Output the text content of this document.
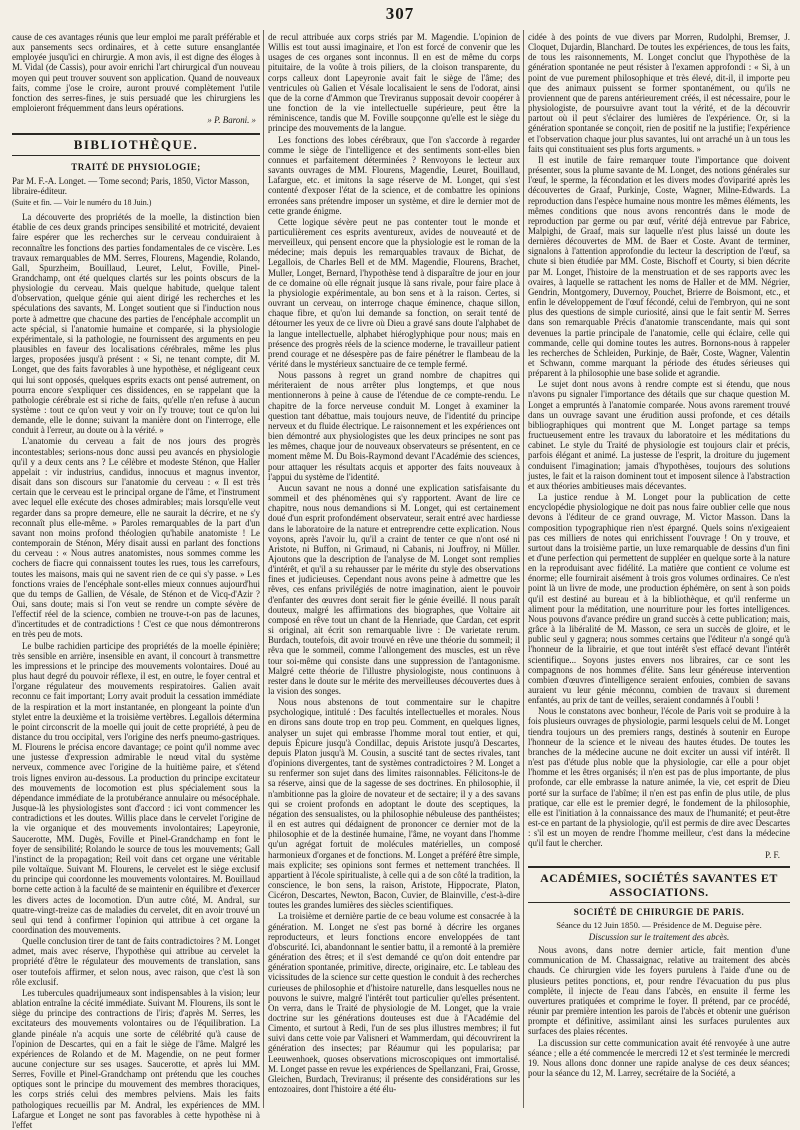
307

cause de ces avantages réunis que leur emploi me paraît préférable et aux pansements secs ordinaires, et à cette suture ensanglantée employée jusqu'ici en chirurgie. A mon avis, il est digne des éloges à M. Vidal (de Cassis), pour avoir enrichi l'art chirurgical d'un nouveau moyen qui peut trouver souvent son application. Quand de nouveaux faits, comme j'ose le croire, auront prouvé complètement l'utile fonction des serres-fines, je suis persuadé que les chirurgiens les emploieront fréquemment dans leurs opérations.

» P. Baroni. »

BIBLIOTHÈQUE.
TRAITÉ DE PHYSIOLOGIE;

Par M. F.-A. Longet. — Tome second; Paris, 1850, Victor Masson, libraire-éditeur.

(Suite et fin. — Voir le numéro du 18 Juin.)

La découverte des propriétés de la moelle, la distinction bien établie de ces deux grands principes sensibilité et motricité, devaient faire espérer que les recherches sur le cerveau conduiraient à reconnaître les fonctions des parties fondamentales de ce viscère. Les travaux remarquables de MM. Serres, Flourens, Magendie, Rolando, Gall, Spurzheim, Bouillaud, Leuret, Lelut, Foville, Pinel-Grandchamp, ont été quelques clartés sur les points obscurs de la physiologie du cerveau. Mais quelque habitude, quelque talent d'observation, quelque génie qui aient dirigé les recherches et les spéculations des savants, M. Longet soutient que si l'induction nous porte à admettre que chacune des parties de l'encéphale accomplit un acte spécial, si l'anatomie humaine et comparée, si la physiologie expérimentale, si la pathologie, ne fournissent des arguments en peu plausibles en faveur des localisations cérébrales, même les plus larges, proposées jusqu'à présent : « Si, ne tenant compte, dit M. Longet, que des faits favorables à une hypothèse, et négligeant ceux qui lui sont opposés, quelques esprits exacts ont pensé autrement, on pourra encore s'expliquer ces dissidences, en se rappelant que la pathologie cérébrale est si riche de faits, qu'elle n'en refuse à aucun système : tout ce qu'on veut y voir on l'y trouve; tout ce qu'on lui demande, elle le donne; suivant la manière dont on l'interroge, elle conduit à l'erreur, au doute ou à la vérité. »

L'anatomie du cerveau a fait de nos jours des progrès incontestables; serions-nous donc aussi peu avancés en physiologie qu'il y a deux cents ans ? Le célèbre et modeste Sténon, que Haller appelait : vir industrius, candidus, innocuus et magnus inventor, disait dans son discours sur l'anatomie du cerveau : « Il est très certain que le cerveau est le principal organe de l'âme, et l'instrument avec lequel elle exécute des choses admirables; mais lorsqu'elle veut regarder dans sa propre demeure, elle ne saurait la décrire, et ne s'y reconnaît plus elle-même. » Paroles remarquables de la part d'un savant non moins profond théologien qu'habile anatomiste ! Le contemporain de Sténon, Méry disait aussi en parlant des fonctions du cerveau : « Nous autres anatomistes, nous sommes comme les cochers de fiacre qui connaissent toutes les rues, tous les carrefours, toutes les maisons, mais qui ne savent rien de ce qui s'y passe. » Les fonctions vraies de l'encéphale sont-elles mieux connues aujourd'hui que du temps de Gallien, de Vésale, de Sténon et de Vicq-d'Azir ? Oui, sans doute; mais si l'on veut se rendre un compte sévère de l'effectif réel de la science, combien ne trouve-t-on pas de lacunes, d'incertitudes et de contradictions ! C'est ce que nous démontrerons en très peu de mots.

Le bulbe rachidien participe des propriétés de la moelle épinière; très sensible en arrière, insensible en avant, il concourt à transmettre les impressions et le principe des mouvements volontaires. Doué au plus haut degré du pouvoir réflexe, il est, en outre, le foyer central et l'organe régulateur des mouvements respiratoires. Galien avait reconnu ce fait important; Lorry avait produit la cessation immédiate de la respiration et la mort instantanée, en plongeant la pointe d'un stylet entre la deuxième et la troisième vertèbres. Legallois détermina le point circonscrit de la moelle qui jouit de cette propriété, à peu de distance du trou occipital, vers l'origine des nerfs pneumo-gastriques. M. Flourens le précisa encore davantage; ce point qu'il nomme avec une justesse d'expression admirable le nœud vital du système nerveux, commence avec l'origine de la huitième paire, et s'étend trois lignes environ au-dessous. La production du principe excitateur des mouvements de locomotion est plus spécialement sous la dépendance immédiate de la protubérance annulaire ou mésocéphale. Jusque-là les physiologistes sont d'accord : ici vont commencer les contradictions et les doutes. Willis place dans le cervelet l'origine de la vie organique et des mouvements involontaires; Lapeyronie, Saucerotte, MM. Dugès, Foville et Pinel-Grandchamp en font le foyer de sensibilité; Rolando le source de tous les mouvements; Gall l'instinct de la propagation; Reil voit dans cet organe une véritable pile voltaïque. Suivant M. Flourens, le cervelet est le siège exclusif du principe qui coordonne les mouvements volontaires. M. Bouillaud borne cette action à la faculté de se maintenir en équilibre et d'exercer les divers actes de locomotion. D'un autre côté, M. Andral, sur quatre-vingt-treize cas de maladies du cervelet, dit en avoir trouvé un seul qui tend à confirmer l'opinion qui attribue à cet organe la coordination des mouvements.

Quelle conclusion tirer de tant de faits contradictoires ? M. Longet admet, mais avec réserve, l'hypothèse qui attribue au cervelet la propriété d'être le régulateur des mouvements de translation, sans oser toutefois affirmer, et selon nous, avec raison, que c'est là son rôle exclusif.

Les tubercules quadrijumeaux sont indispensables à la vision; leur ablation entraîne la cécité immédiate. Suivant M. Flourens, ils sont le siège du principe des contractions de l'iris; d'après M. Serres, les excitateurs des mouvements volontaires ou de l'équilibration. La glande pinéale n'a acquis une sorte de célébrité qu'à cause de l'opinion de Descartes, qui en a fait le siège de l'âme. Malgré les expériences de Rolando et de M. Magendie, on ne peut former aucune conjecture sur ses usages. Saucerotte, et après lui MM. Serres, Foville et Pinel-Grandchamp ont prétendu que les couches optiques sont le principe du mouvement des membres thoraciques, les corps striés celui des membres pelviens. Mais les faits pathologiques recueillis par M. Andral, les expériences de MM. Lafargue et Longet ne sont pas favorables à cette hypothèse ni à l'effet

de recul attribuée aux corps striés par M. Magendie. L'opinion de Willis est tout aussi imaginaire, et l'on est forcé de convenir que les usages de ces organes sont inconnus. Il en est de même du corps pituitaire, de la voûte à trois piliers, de la cloison transparente, du corps calleux dont Lapeyronie avait fait le siège de l'âme; des ventricules où Galien et Vésale localisaient le sens de l'odorat, ainsi que de la corne d'Ammon que Treviranus supposait devoir coopérer à une fonction de la vie intellectuelle supérieure, peut être la réminiscence, tandis que M. Foville soupçonne qu'elle est le siège du principe des mouvements de la langue.

Les fonctions des lobes cérébraux, que l'on s'accorde à regarder comme le siège de l'intelligence et des sentiments sont-elles bien connues et parfaitement déterminées ? Renvoyons le lecteur aux savants ouvrages de MM. Flourens, Magendie, Leuret, Bouillaud, Lafargue, etc. et imitons la sage réserve de M. Longet, qui s'est contenté d'exposer l'état de la science, et de combattre les opinions erronées sans prétendre imposer un système, et dire le dernier mot de cette grande énigme.

Cette logique sévère peut ne pas contenter tout le monde et particulièrement ces esprits aventureux, avides de nouveauté et de merveilleux, qui pensent encore que la physiologie est le roman de la médecine; mais depuis les remarquables travaux de Bichat, de Legallois, de Charles Bell et de MM. Magendie, Flourens, Brachet, Muller, Longet, Bernard, l'hypothèse tend à disparaître de jour en jour de ce domaine où elle régnait jusque là sans rivale, pour faire place à la physiologie expérimentale, au bon sens et à la raison. Certes, si ouvrant un cerveau, on interroge chaque éminence, chaque sillon, chaque fibre, et qu'on lui demande sa fonction, on serait tenté de détourner les yeux de ce livre où Dieu a gravé sans doute l'alphabet de la langue intellectuelle, alphabet hiéroglyphique pour nous; mais en présence des progrès réels de la science moderne, le travailleur patient prend courage et ne désespère pas de faire pénétrer le flambeau de la vérité dans le mystérieux sanctuaire de ce temple fermé.

Nous passons à regret un grand nombre de chapitres qui mériteraient de nous arrêter plus longtemps, et que nous mentionnerons à peine à cause de l'étendue de ce compte-rendu. Le chapitre de la force nerveuse conduit M. Longet à examiner la question tant débattue, mais toujours neuve, de l'identité du principe nerveux et du fluide électrique. Le raisonnement et les expériences ont bien démontré aux physiologistes que les deux principes ne sont pas les mêmes, chaque jour de nouveaux observateurs se présentent, en ce moment même M. Du Bois-Raymond devant l'Académie des sciences, pour attaquer les résultats acquis et apporter des faits nouveaux à l'appui du système de l'identité.

Aucun savant ne nous a donné une explication satisfaisante du sommeil et des phénomènes qui s'y rapportent. Avant de lire ce chapitre, nous nous demandions si M. Longet, qui est certainement doué d'un esprit profondément observateur, serait entré avec hardiesse dans le laboratoire de la nature et entreprendre cette explication. Nous voyons, après l'avoir lu, qu'il a craint de tenter ce que n'ont osé ni Aristote, ni Buffon, ni Grimaud, ni Cabanis, ni Jouffroy, ni Müller. Ajoutons que la description de l'analyse de M. Longet sont remplies d'intérêt, et qu'il a su rehausser par le mérite du style des observations fines et judicieuses. Cependant nous avons peine à admettre que les rêves, ces enfans privilégiés de notre imagination, aient le pouvoir d'enfanter des œuvres dont serait fier le génie éveillé. Il nous paraît douteux, malgré les affirmations des biographes, que Voltaire ait composé en rêve tout un chant de la Henriade, que Cardan, cet esprit si original, ait écrit son remarquable livre : De varietate rerum. Burdach, toutefois, dit avoir trouvé en rêve une théorie du sommeil; il rêva que le sommeil, comme l'allongement des muscles, est un rêve tour soi-même qui consiste dans une suppression de l'antagonisme. Malgré cette théorie de l'illustre physiologiste, nous continuons à rester dans le doute sur le mérite des merveilleuses découvertes dues à la vision des songes.

Nous nous abstenons de tout commentaire sur le chapitre psychologique, intitulé : Des facultés intellectuelles et morales. Nous en dirons sans doute trop en trop peu. Comment, en quelques lignes, analyser un sujet qui embrasse l'homme moral tout entier, et qui, depuis Épicure jusqu'à Condillac, depuis Aristote jusqu'à Descartes, depuis Platon jusqu'à M. Cousin, a suscité tant de sectes rivales, tant d'opinions divergentes, tant de systèmes contradictoires ? M. Longet a su renfermer son sujet dans des limites raisonnables. Félicitons-le de sa réserve, ainsi que de la sagesse de ses doctrines. En philosophie, il n'ambitionne pas la gloire de novateur et de sectaire; il y a des savans qui se croient profonds en adoptant le doute des sceptiques, la négation des sensualistes, ou la philosophie nébuleuse des panthéistes; il en est autres qui dédaignent de prononcer ce dernier mot de la philosophie et de la destinée humaine, l'âme, ne voyant dans l'homme qu'un agrégat fortuit de molécules matérielles, un composé harmonieux d'organes et de fonctions. M. Longet a préféré être simple, mais explicite; ses opinions sont fermes et nettement tranchées. Il appartient à l'école spiritualiste, à celle qui a de son côté la tradition, la conscience, le bon sens, la raison, Aristote, Hippocrate, Platon, Cicéron, Descartes, Newton, Bacon, Cuvier, de Blainville, c'est-à-dire toutes les grandes lumières des siècles scientifiques.

La troisième et dernière partie de ce beau volume est consacrée à la génération. M. Longet ne s'est pas borné à décrire les organes reproducteurs, et leurs fonctions encore enveloppées de tant d'obscurité. Ici, abandonnant le sentier battu, il a remonté à la première génération des êtres; et il s'est demandé ce qu'on doit entendre par génération spontanée, primitive, directe, originaire, etc. Le tableau des vicissitudes de la science sur cette question le conduit à des recherches curieuses de philosophie et d'histoire naturelle, dans lesquelles nous ne pouvons le suivre, malgré l'intérêt tout particulier qu'elles présentent. On verra, dans le Traité de physiologie de M. Longet, que la vraie doctrine sur les générations douteuses est due à l'Académie del Cimento, et surtout à Redi, l'un de ses plus illustres membres; il fut suivi dans cette voie par Valisneri et Wammerdam, qui découvrirent la génération des insectes; par Réaumur qui les popularisa; par Leeuwenhoek, quoses observations microscopiques ont immortalisé. M. Longet passe en revue les expériences de Spellanzani, Frai, Grosse, Gleichen, Burdach, Treviranus; il présente des considérations sur les entozoaires, dont l'histoire a été élu-

cidée à des points de vue divers par Morren, Rudolphi, Bremser, J. Cloquet, Dujardin, Blanchard. De toutes les expériences, de tous les faits, de tous les raisonnements, M. Longet conclut que l'hypothèse de la génération spontanée ne peut résister à l'examen approfondi : « Si, à un point de vue purement philosophique et très élevé, dit-il, il importe peu que des animaux puissent se former spontanément, ou qu'ils ne proviennent que de parens antérieurement créés, il est nécessaire, pour le physiologiste, de poursuivre avant tout la vérité, et de la découvrir partout où il peut s'éclairer des lumières de l'expérience. Or, si la génération spontanée se conçoit, rien de positif ne la justifie; l'expérience et l'observation chaque jour plus savantes, lui ont arraché un à un tous les faits qui constituaient ses plus forts arguments. »

Il est inutile de faire remarquer toute l'importance que doivent présenter, sous la plume savante de M. Longet, des notions générales sur l'œuf, le sperme, la fécondation et les divers modes d'oviparité après les découvertes de Graaf, Purkinje, Coste, Wagner, Milne-Edwards. La reproduction dans l'espèce humaine nous montre les mêmes éléments, les mêmes conditions que nous avons rencontrés dans le mode de reproduction par germe ou par œuf, vérité déjà entrevue par Fabrice, Malpighi, de Graaf, mais sur laquelle n'est plus laissé un doute les dernières découvertes de MM. de Baer et Coste. Avant de terminer, signalons à l'attention approfondie du lecteur la description de l'œuf, sa chute si bien étudiée par MM. Coste, Bischoff et Courty, si bien décrite par M. Longet, l'histoire de la menstruation et de ses rapports avec les ovaires, à laquelle se rattachent les noms de Haller et de MM. Négrier, Gendrin, Montgomery, Duvernoy, Pouchet, Brierre de Boismont, etc., et enfin le développement de l'œuf fécondé, celui de l'embryon, qui ne sont plus des questions de simple curiosité, ainsi que le fait sentir M. Serres dans son remarquable Précis d'anatomie transcendante, mais qui sont devenues la partie principale de l'anatomie, celle qui éclaire, celle qui commande, celle qui domine toutes les autres. Bornons-nous à rappeler les recherches de Schleiden, Purkinje, de Baër, Coste, Wagner, Valentin et Schwann, comme marquant la période des études sérieuses qui préparent à la philosophie une base solide et agrandie.

Le sujet dont nous avons à rendre compte est si étendu, que nous n'avons pu signaler l'importance des détails que sur chaque question M. Longet a empruntés à l'anatomie comparée. Nous avons rarement trouvé dans un ouvrage savant une érudition aussi profonde, et ces détails bibliographiques qui montrent que M. Longet partage sa temps fructueusement entre les travaux du laboratoire et les méditations du cabinet. Le style du Traité de physiologie est toujours clair et précis, parfois élégant et animé. La justesse de l'esprit, la droiture du jugement conduisent l'imagination; jamais d'hypothèses, toujours des solutions justes, le fait et la raison dominent tout et imposent silence à l'abstraction et aux théories ambitieuses mais décevantes.

La justice rendue à M. Longet pour la publication de cette encyclopédie physiologique ne doit pas nous faire oublier celle que nous devons à l'éditeur de ce grand ouvrage, M. Victor Masson. Dans la composition typographique rien n'est épargné. Quels soins n'exigeaient pas ces milliers de notes qui enrichissent l'ouvrage ! On y trouve, et surtout dans la troisième partie, un luxe remarquable de dessins d'un fini et d'une perfection qui permettent de suppléer en quelque sorte à la nature en la reproduisant avec fidélité. La matière que contient ce volume est énorme; elle fournirait aisément à trois gros volumes ordinaires. Ce n'est point là un livre de mode, une production éphémère, on sent à son poids qu'il est destiné au bureau et à la bibliothèque, et qu'il renferme un aliment pour la méditation, une nourriture pour les fortes intelligences. Nous pouvons d'avance prédire un grand succès à cette publication; mais, grâce à la libéralité de M. Masson, ce sera un succès de gloire, et le public seul y gagnera; nous sommes certains que l'éditeur n'a songé qu'à l'honneur de la librairie, et que tout intérêt s'est effacé devant l'intérêt scientifique... Soyons justes envers nos libraires, car ce sont les compagnons de nos hommes d'élite. Sans leur généreuse intervention combien d'œuvres d'intelligence seraient enfouies, combien de savans auraient vu leur génie méconnu, combien de travaux si durement enfantés, au prix de tant de veilles, seraient condamnés à l'oubli !

Nous le constatons avec bonheur, l'école de Paris voit se produire à la fois plusieurs ouvrages de physiologie, parmi lesquels celui de M. Longet tiendra toujours un des premiers rangs, destinés à soutenir en Europe l'honneur de la science et le niveau des hautes études. De toutes les branches de la médecine aucune ne doit exciter un aussi vif intérêt. Il n'est pas d'étude plus noble que la physiologie, car elle a pour objet l'homme et les êtres organisés; il n'en est pas de plus importante, de plus profonde, car elle embrasse la nature animée, la vie, cet esprit de Dieu porté sur la surface de l'abîme; il n'en est pas enfin de plus utile, de plus pratique, car elle est le premier degré, le fondement de la philosophie, elle est l'initiation à la connaissance des maux de l'humanité; et peut-être est-ce en partant de la physiologie, qu'il est permis de dire avec Descartes : s'il est un moyen de rendre l'homme meilleur, c'est dans la médecine qu'il faut le chercher.

P. F.

ACADÉMIES, SOCIÉTÉS SAVANTES ET ASSOCIATIONS.
SOCIÉTÉ DE CHIRURGIE DE PARIS.

Séance du 12 Juin 1850. — Présidence de M. Deguise père.

Discussion sur le traitement des abcès.

Nous avons, dans notre dernier article, fait mention d'une communication de M. Chassaignac, relative au traitement des abcès chauds. Ce chirurgien vide les foyers purulens à l'aide d'une ou de plusieurs petites ponctions, et, pour rendre l'évacuation du pus plus complète, il injecte de l'eau dans l'abcès, en ensuite il ferme les ouvertures pratiquées et comprime le foyer. Il prétend, par ce procédé, réunir par première intention les parois de l'abcès et obtenir une guérison prompte et définitive, assimilant ainsi les surfaces purulentes aux surfaces des plaies récentes.

La discussion sur cette communication avait été renvoyée à une autre séance ; elle a été commencée le mercredi 12 et s'est terminée le mercredi 19. Nous allons donc donner une rapide analyse de ces deux séances; pour la séance du 12, M. Larrey, secrétaire de la Société, a
